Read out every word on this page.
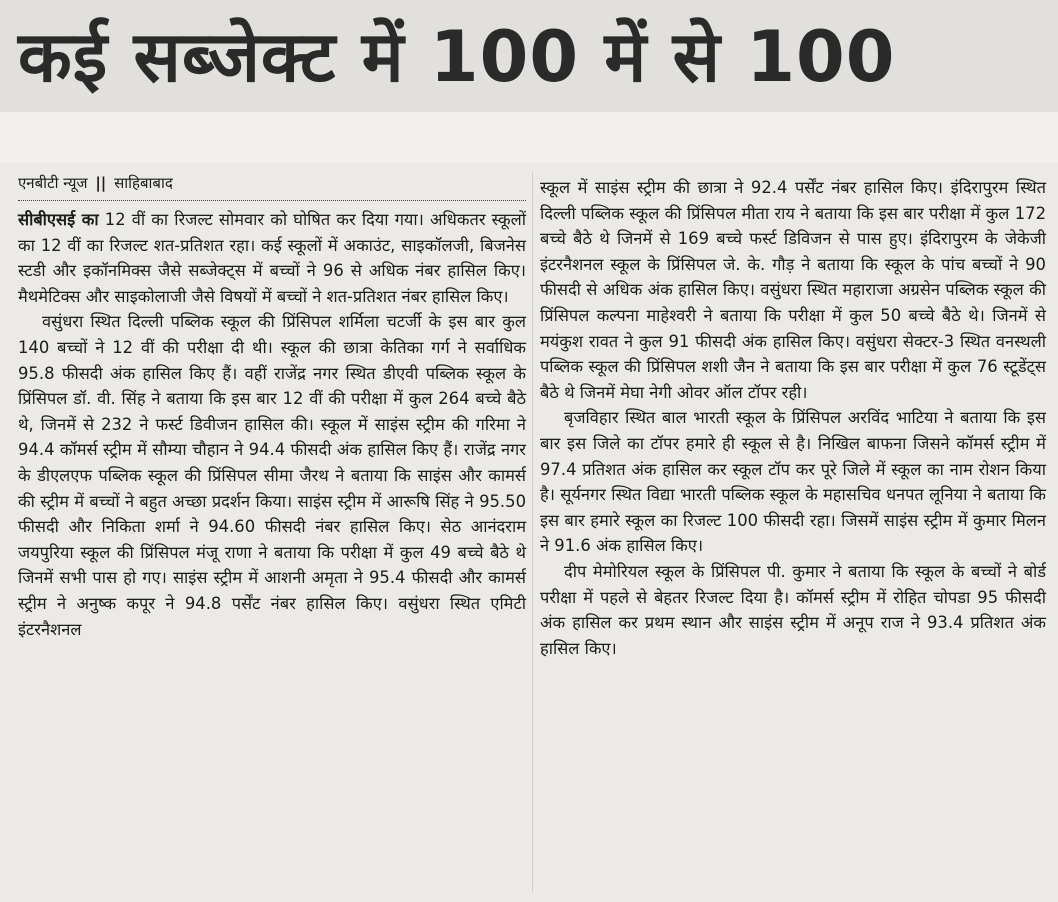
कई सब्जेक्ट में 100 में से 100
एनबीटी न्यूज || साहिबाबाद

सीबीएसई का 12 वीं का रिजल्ट सोमवार को घोषित कर दिया गया। अधिकतर स्कूलों का 12 वीं का रिजल्ट शत-प्रतिशत रहा। कई स्कूलों में अकाउंट, साइकॉलजी, बिजनेस स्टडी और इकॉनमिक्स जैसे सब्जेक्ट्स में बच्चों ने 96 से अधिक नंबर हासिल किए। मैथमेटिक्स और साइकोलाजी जैसे विषयों में बच्चों ने शत-प्रतिशत नंबर हासिल किए।

वसुंधरा स्थित दिल्ली पब्लिक स्कूल की प्रिंसिपल शर्मिला चटर्जी के इस बार कुल 140 बच्चों ने 12 वीं की परीक्षा दी थी। स्कूल की छात्रा केतिका गर्ग ने सर्वाधिक 95.8 फीसदी अंक हासिल किए हैं। वहीं राजेंद्र नगर स्थित डीएवी पब्लिक स्कूल के प्रिंसिपल डॉ. वी. सिंह ने बताया कि इस बार 12 वीं की परीक्षा में कुल 264 बच्चे बैठे थे, जिनमें से 232 ने फर्स्ट डिवीजन हासिल की। स्कूल में साइंस स्ट्रीम की गरिमा ने 94.4 कॉमर्स स्ट्रीम में सौम्या चौहान ने 94.4 फीसदी अंक हासिल किए हैं। राजेंद्र नगर के डीएलएफ पब्लिक स्कूल की प्रिंसिपल सीमा जैरथ ने बताया कि साइंस और कामर्स की स्ट्रीम में बच्चों ने बहुत अच्छा प्रदर्शन किया। साइंस स्ट्रीम में आरूषि सिंह ने 95.50 फीसदी और निकिता शर्मा ने 94.60 फीसदी नंबर हासिल किए। सेठ आनंदराम जयपुरिया स्कूल की प्रिंसिपल मंजू राणा ने बताया कि परीक्षा में कुल 49 बच्चे बैठे थे जिनमें सभी पास हो गए। साइंस स्ट्रीम में आशनी अमृता ने 95.4 फीसदी और कामर्स स्ट्रीम ने अनुष्क कपूर ने 94.8 पर्सेंट नंबर हासिल किए। वसुंधरा स्थित एमिटी इंटरनैशनल

स्कूल में साइंस स्ट्रीम की छात्रा ने 92.4 पर्सेंट नंबर हासिल किए। इंदिरापुरम स्थित दिल्ली पब्लिक स्कूल की प्रिंसिपल मीता राय ने बताया कि इस बार परीक्षा में कुल 172 बच्चे बैठे थे जिनमें से 169 बच्चे फर्स्ट डिविजन से पास हुए। इंदिरापुरम के जेकेजी इंटरनैशनल स्कूल के प्रिंसिपल जे. के. गौड़ ने बताया कि स्कूल के पांच बच्चों ने 90 फीसदी से अधिक अंक हासिल किए। वसुंधरा स्थित महाराजा अग्रसेन पब्लिक स्कूल की प्रिंसिपल कल्पना माहेश्वरी ने बताया कि परीक्षा में कुल 50 बच्चे बैठे थे। जिनमें से मयंकुश रावत ने कुल 91 फीसदी अंक हासिल किए। वसुंधरा सेक्टर-3 स्थित वनस्थली पब्लिक स्कूल की प्रिंसिपल शशी जैन ने बताया कि इस बार परीक्षा में कुल 76 स्टूडेंट्स बैठे थे जिनमें मेघा नेगी ओवर ऑल टॉपर रही।

बृजविहार स्थित बाल भारती स्कूल के प्रिंसिपल अरविंद भाटिया ने बताया कि इस बार इस जिले का टॉपर हमारे ही स्कूल से है। निखिल बाफना जिसने कॉमर्स स्ट्रीम में 97.4 प्रतिशत अंक हासिल कर स्कूल टॉप कर पूरे जिले में स्कूल का नाम रोशन किया है। सूर्यनगर स्थित विद्या भारती पब्लिक स्कूल के महासचिव धनपत लूनिया ने बताया कि इस बार हमारे स्कूल का रिजल्ट 100 फीसदी रहा। जिसमें साइंस स्ट्रीम में कुमार मिलन ने 91.6 अंक हासिल किए।

दीप मेमोरियल स्कूल के प्रिंसिपल पी. कुमार ने बताया कि स्कूल के बच्चों ने बोर्ड परीक्षा में पहले से बेहतर रिजल्ट दिया है। कॉमर्स स्ट्रीम में रोहित चोपडा 95 फीसदी अंक हासिल कर प्रथम स्थान और साइंस स्ट्रीम में अनूप राज ने 93.4 प्रतिशत अंक हासिल किए।
